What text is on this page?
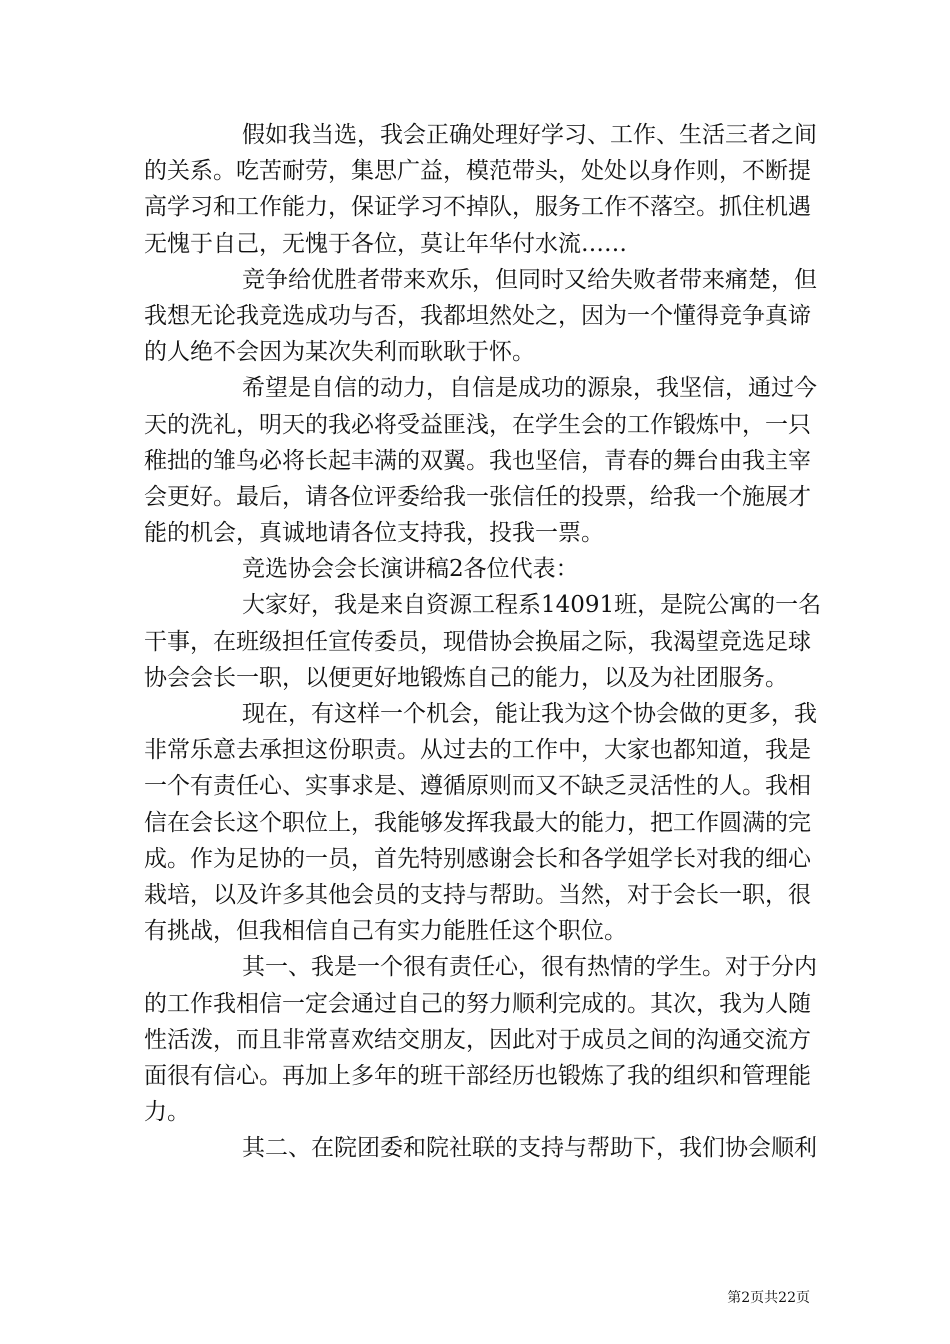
假如我当选，我会正确处理好学习、工作、生活三者之间
的关系。吃苦耐劳，集思广益，模范带头，处处以身作则，不断提
高学习和工作能力，保证学习不掉队，服务工作不落空。抓住机遇
无愧于自己，无愧于各位，莫让年华付水流……
竞争给优胜者带来欢乐，但同时又给失败者带来痛楚，但
我想无论我竞选成功与否，我都坦然处之，因为一个懂得竞争真谛
的人绝不会因为某次失利而耿耿于怀。
希望是自信的动力，自信是成功的源泉，我坚信，通过今
天的洗礼，明天的我必将受益匪浅，在学生会的工作锻炼中，一只
稚拙的雏鸟必将长起丰满的双翼。我也坚信，青春的舞台由我主宰
会更好。最后，请各位评委给我一张信任的投票，给我一个施展才
能的机会，真诚地请各位支持我，投我一票。
竞选协会会长演讲稿2各位代表：
大家好，我是来自资源工程系14091班，是院公寓的一名
干事，在班级担任宣传委员，现借协会换届之际，我渴望竞选足球
协会会长一职，以便更好地锻炼自己的能力，以及为社团服务。
现在，有这样一个机会，能让我为这个协会做的更多，我
非常乐意去承担这份职责。从过去的工作中，大家也都知道，我是
一个有责任心、实事求是、遵循原则而又不缺乏灵活性的人。我相
信在会长这个职位上，我能够发挥我最大的能力，把工作圆满的完
成。作为足协的一员，首先特别感谢会长和各学姐学长对我的细心
栽培，以及许多其他会员的支持与帮助。当然，对于会长一职，很
有挑战，但我相信自己有实力能胜任这个职位。
其一、我是一个很有责任心，很有热情的学生。对于分内
的工作我相信一定会通过自己的努力顺利完成的。其次，我为人随
性活泼，而且非常喜欢结交朋友，因此对于成员之间的沟通交流方
面很有信心。再加上多年的班干部经历也锻炼了我的组织和管理能
力。
其二、在院团委和院社联的支持与帮助下，我们协会顺利
第2页共22页
